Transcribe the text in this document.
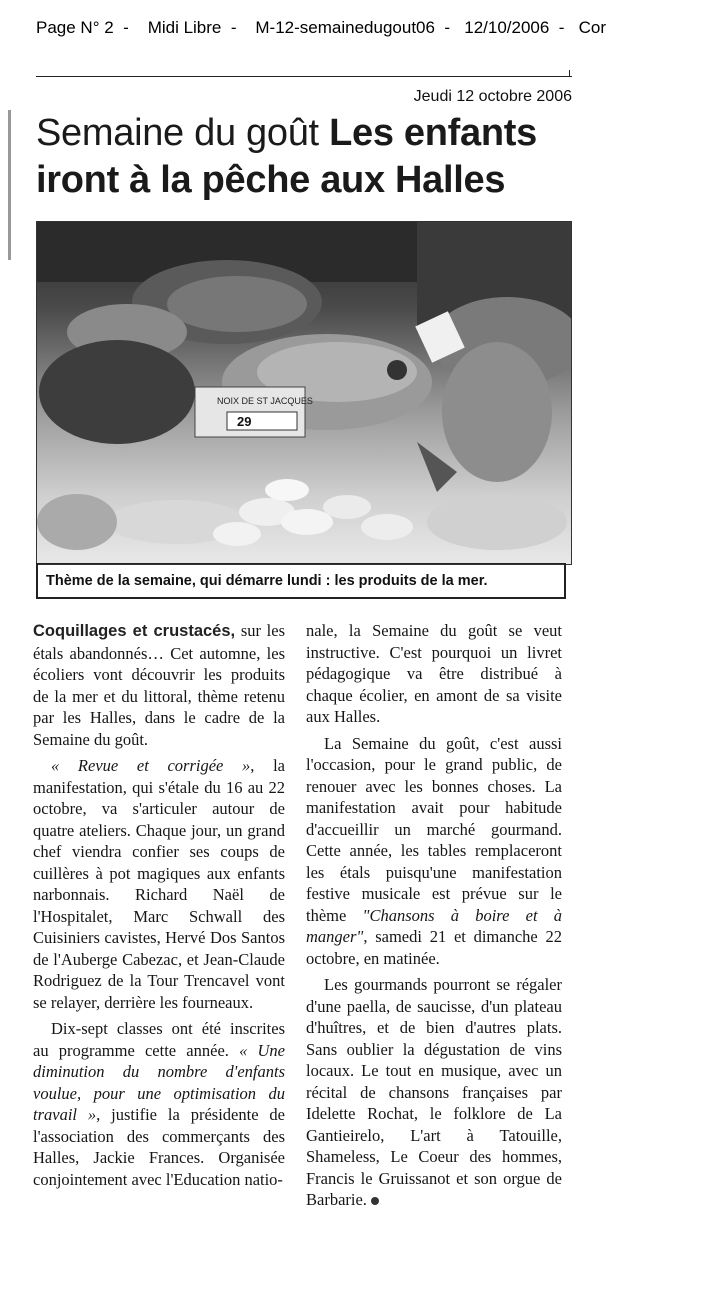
Page N° 2  -    Midi Libre  -    M-12-semainedugout06  -   12/10/2006  -   Cor
Jeudi 12 octobre 2006
Semaine du goût Les enfants iront à la pêche aux Halles
NOIX DE ST JACQUES
29
Thème de la semaine, qui démarre lundi : les produits de la mer.

Coquillages et crustacés, sur les étals abandonnés… Cet automne, les écoliers vont découvrir les produits de la mer et du littoral, thème retenu par les Halles, dans le cadre de la Semaine du goût.

« Revue et corrigée », la manifestation, qui s'étale du 16 au 22 octobre, va s'articuler autour de quatre ateliers. Chaque jour, un grand chef viendra confier ses coups de cuillères à pot magiques aux enfants narbonnais. Richard Naël de l'Hospitalet, Marc Schwall des Cuisiniers cavistes, Hervé Dos Santos de l'Auberge Cabezac, et Jean-Claude Rodriguez de la Tour Trencavel vont se relayer, derrière les fourneaux.

Dix-sept classes ont été inscrites au programme cette année. « Une diminution du nombre d'enfants voulue, pour une optimisation du travail », justifie la présidente de l'association des commerçants des Halles, Jackie Frances. Organisée conjointement avec l'Education natio-

nale, la Semaine du goût se veut instructive. C'est pourquoi un livret pédagogique va être distribué à chaque écolier, en amont de sa visite aux Halles.

La Semaine du goût, c'est aussi l'occasion, pour le grand public, de renouer avec les bonnes choses. La manifestation avait pour habitude d'accueillir un marché gourmand. Cette année, les tables remplaceront les étals puisqu'une manifestation festive musicale est prévue sur le thème "Chansons à boire et à manger", samedi 21 et dimanche 22 octobre, en matinée.

Les gourmands pourront se régaler d'une paella, de saucisse, d'un plateau d'huîtres, et de bien d'autres plats. Sans oublier la dégustation de vins locaux. Le tout en musique, avec un récital de chansons françaises par Idelette Rochat, le folklore de La Gantieirelo, L'art à Tatouille, Shameless, Le Coeur des hommes, Francis le Gruissanot et son orgue de Barbarie.
